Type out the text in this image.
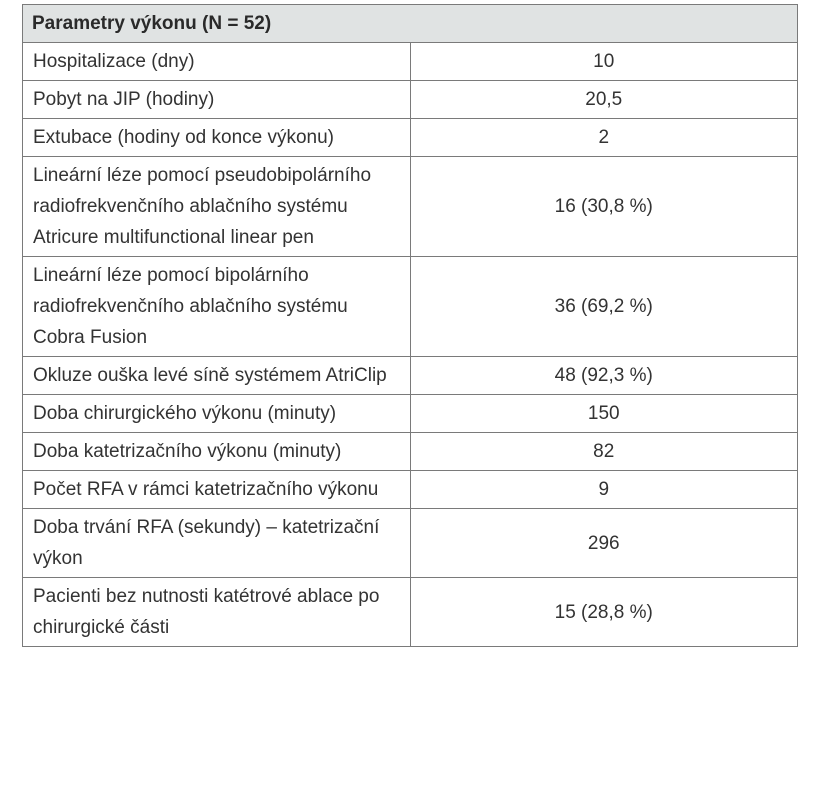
Parametry výkonu (N = 52)	
Hospitalizace (dny)	10
Pobyt na JIP (hodiny)	20,5
Extubace (hodiny od konce výkonu)	2
Lineární léze pomocí pseudobipolárního radiofrekvenčního ablačního systému Atricure multifunctional linear pen	16 (30,8 %)
Lineární léze pomocí bipolárního radiofrekvenčního ablačního systému Cobra Fusion	36 (69,2 %)
Okluze ouška levé síně systémem AtriClip	48 (92,3 %)
Doba chirurgického výkonu (minuty)	150
Doba katetrizačního výkonu (minuty)	82
Počet RFA v rámci katetrizačního výkonu	9
Doba trvání RFA (sekundy) – katetrizační výkon	296
Pacienti bez nutnosti katétrové ablace po chirurgické části	15 (28,8 %)
